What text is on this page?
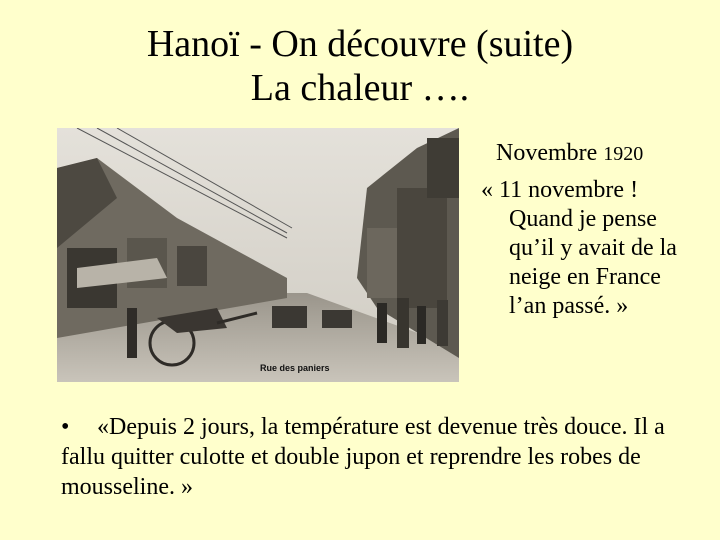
Hanoï - On découvre (suite)
La chaleur ….
Rue des paniers
Novembre 1920
« 11 novembre !
Quand je pense qu’il y avait de la neige en France l’an passé. »
• «Depuis 2 jours, la température est devenue très douce. Il a fallu quitter culotte et double jupon et reprendre les robes de mousseline. »
